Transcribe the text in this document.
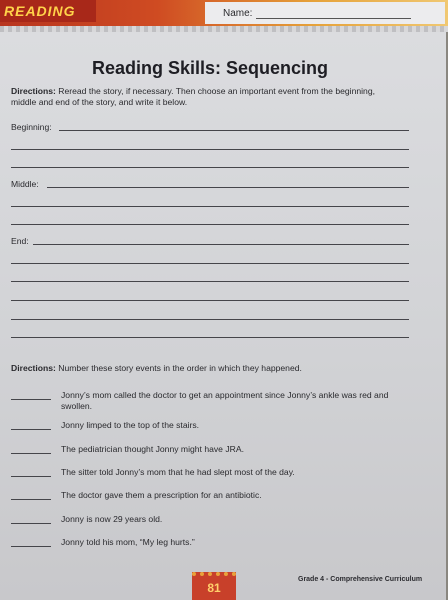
READING	Name:
Reading Skills: Sequencing
Directions: Reread the story, if necessary. Then choose an important event from the beginning, middle and end of the story, and write it below.
Beginning:
Middle:
End:
Directions: Number these story events in the order in which they happened.
Jonny’s mom called the doctor to get an appointment since Jonny’s ankle was red and swollen.
Jonny limped to the top of the stairs.
The pediatrician thought Jonny might have JRA.
The sitter told Jonny’s mom that he had slept most of the day.
The doctor gave them a prescription for an antibiotic.
Jonny is now 29 years old.
Jonny told his mom, “My leg hurts.”
81
Grade 4 - Comprehensive Curriculum
